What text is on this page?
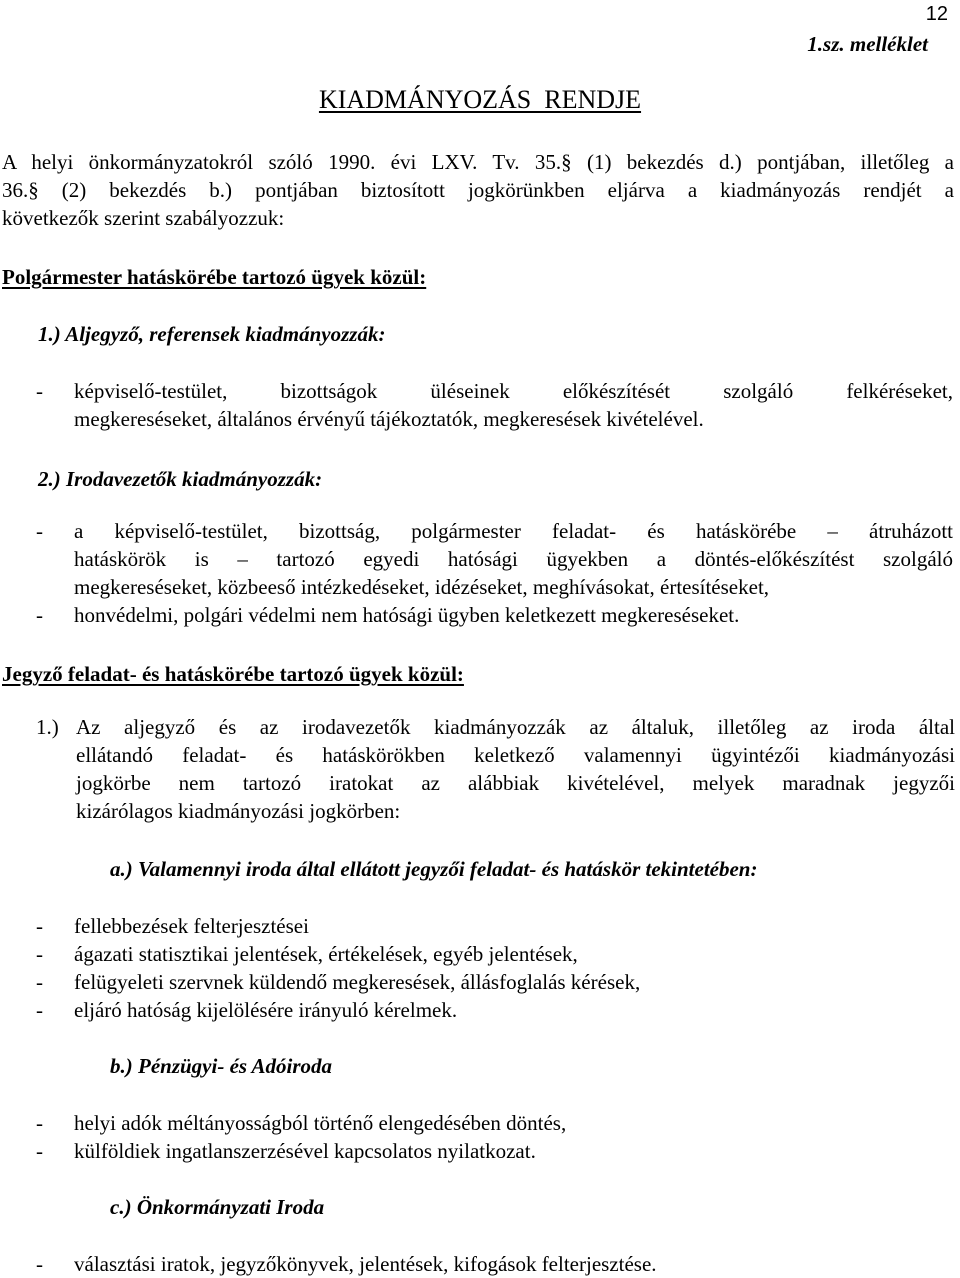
12
1.sz. melléklet
KIADMÁNYOZÁS  RENDJE
A helyi önkormányzatokról szóló 1990. évi LXV. Tv. 35.§ (1) bekezdés d.) pontjában, illetőleg a
36.§ (2) bekezdés b.) pontjában biztosított jogkörünkben eljárva a kiadmányozás rendjét a
következők szerint szabályozzuk:
Polgármester hatáskörébe tartozó ügyek közül:
1.) Aljegyző, referensek kiadmányozzák:
-	képviselő-testület, bizottságok üléseinek előkészítését szolgáló felkéréseket,
megkereséseket, általános érvényű tájékoztatók, megkeresések kivételével.
2.) Irodavezetők kiadmányozzák:
-	a képviselő-testület, bizottság, polgármester feladat- és hatáskörébe – átruházott
hatáskörök is – tartozó egyedi hatósági ügyekben a döntés-előkészítést szolgáló
megkereséseket, közbeeső intézkedéseket, idézéseket, meghívásokat, értesítéseket,
-	honvédelmi, polgári védelmi nem hatósági ügyben keletkezett megkereséseket.
Jegyző feladat- és hatáskörébe tartozó ügyek közül:
1.) Az aljegyző és az irodavezetők kiadmányozzák az általuk, illetőleg az iroda által
ellátandó feladat- és hatáskörökben keletkező valamennyi ügyintézői kiadmányozási
jogkörbe nem tartozó iratokat az alábbiak kivételével, melyek maradnak jegyzői
kizárólagos kiadmányozási jogkörben:
a.) Valamennyi iroda által ellátott jegyzői feladat- és hatáskör tekintetében:
-	fellebbezések felterjesztései
-	ágazati statisztikai jelentések, értékelések, egyéb jelentések,
-	felügyeleti szervnek küldendő megkeresések, állásfoglalás kérések,
-	eljáró hatóság kijelölésére irányuló kérelmek.
b.) Pénzügyi- és Adóiroda
-	helyi adók méltányosságból történő elengedésében döntés,
-	külföldiek ingatlanszerzésével kapcsolatos nyilatkozat.
c.) Önkormányzati Iroda
-	választási iratok, jegyzőkönyvek, jelentések, kifogások felterjesztése.
